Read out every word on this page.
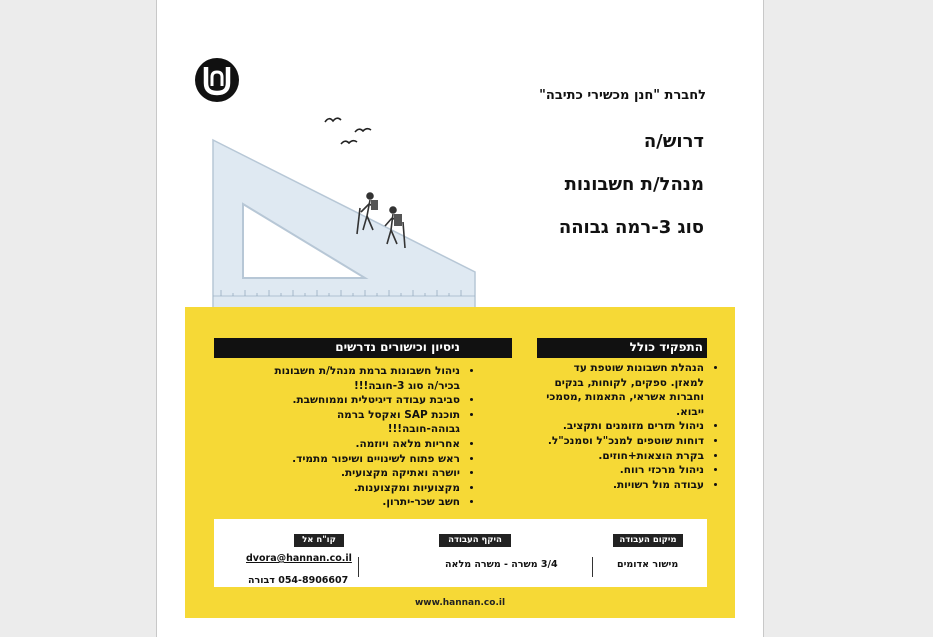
לחברת "חנן מכשירי כתיבה"
דרוש/ה
מנהל/ת חשבונות
סוג 3-רמה גבוהה
התפקיד כולל
ניסיון וכישורים נדרשים
• הנהלת חשבונות שוטפת עד למאזן. ספקים, לקוחות, בנקים וחברות אשראי, התאמות ,מסמכי ייבוא.
• ניהול תזרים מזומנים ותקציב.
• דוחות שוטפים למנכ"ל וסמנכ"ל.
• בקרת הוצאות+חוזים.
• ניהול מרכזי רווח.
• עבודה מול רשויות.
• ניהול חשבונות ברמת מנהל/ת חשבונות בכיר/ה סוג 3-חובה!!!
• סביבת עבודה דיגיטלית וממוחשבת.
• תוכנת SAP ואקסל ברמה גבוהה-חובה!!!
• אחריות מלאה ויוזמה.
• ראש פתוח לשינויים ושיפור מתמיד.
• יושרה ואתיקה מקצועית.
• מקצועיות ומקצוענות.
• חשב שכר-יתרון.
מיקום העבודה
מישור אדומים
היקף העבודה
3/4 משרה - משרה מלאה
קו"ח אל
dvora@hannan.co.il
054-8906607 דבורה
www.hannan.co.il
